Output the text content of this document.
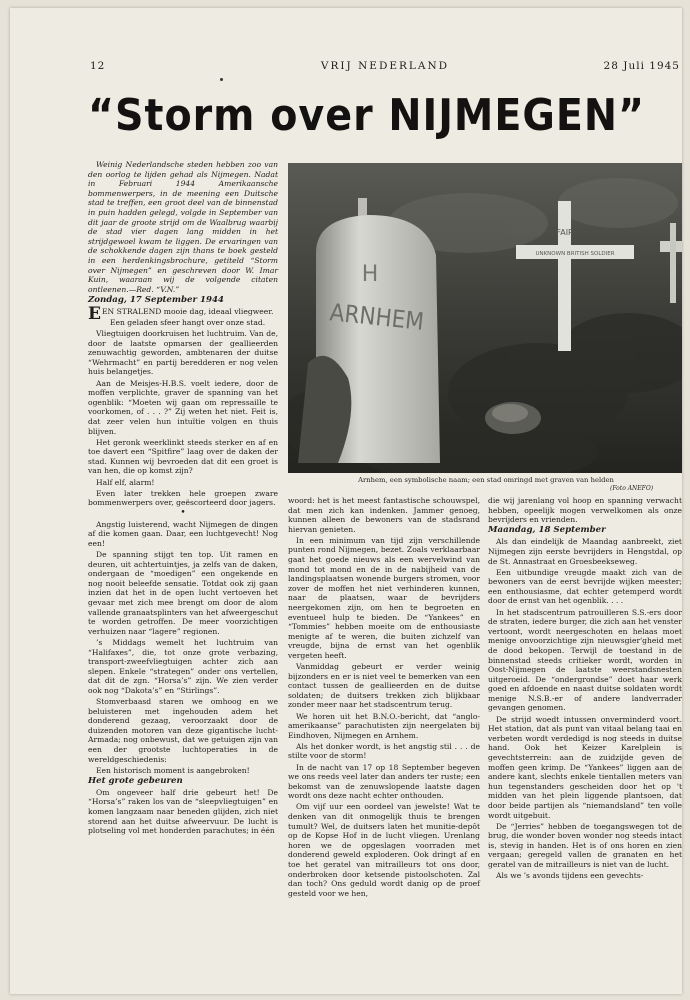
12	VRIJ NEDERLAND	28 Juli 1945
“Storm over NIJMEGEN”

Weinig Nederlandsche steden hebben zoo van den oorlog te lijden gehad als Nijmegen. Nadat in Februari 1944 Amerikaansche bommenwerpers, in de meening een Duitsche stad te treffen, een groot deel van de binnenstad in puin hadden gelegd, volgde in September van dit jaar de groote strijd om de Waalbrug waarbij de stad vier dagen lang midden in het strijdgewoel kwam te liggen. De ervaringen van de schokkende dagen zijn thans te boek gesteld in een herdenkingsbrochure, getiteld “Storm over Nijmegen” en geschreven door W. Imar Kuin, waaraan wij de volgende citaten ontleenen.—Red. “V.N.”

Zondag, 17 September 1944

EEN STRALEND mooie dag, ideaal vliegweer.

Een geladen sfeer hangt over onze stad.

Vliegtuigen doorkruisen het luchtruim. Van de, door de laatste opmarsen der geallieerden zenuwachtig geworden, ambtenaren der duitse “Wehrmacht” en partij beredderen er nog velen huis belangetjes.

Aan de Meisjes-H.B.S. voelt iedere, door de moffen verplichte, graver de spanning van het ogenblik: “Moeten wij gaan om repressaille te voorkomen, of . . . ?” Zij weten het niet. Feit is, dat zeer velen hun intuïtie volgen en thuis blijven.

Het geronk weerklinkt steeds sterker en af en toe davert een “Spitfire” laag over de daken der stad. Kunnen wij bevroeden dat dit een groet is van hen, die op komst zijn?

Half elf, alarm!

Even later trekken hele groepen zware bommenwerpers over, geëscorteerd door jagers.

•

Angstig luisterend, wacht Nijmegen de dingen af die komen gaan. Daar, een luchtgevecht! Nog een!

De spanning stijgt ten top. Uit ramen en deuren, uit achtertuintjes, ja zelfs van de daken, ondergaan de “moedigen” een ongekende en nog nooit beleefde sensatie. Totdat ook zij gaan inzien dat het in de open lucht vertoeven het gevaar met zich mee brengt om door de alom vallende granaatsplinters van het afweergeschut te worden getroffen. De meer voorzichtigen verhuizen naar “lagere” regionen.

’s Middags wemelt het luchtruim van “Halifaxes”, die, tot onze grote verbazing, transport-zweefvliegtuigen achter zich aan slepen. Enkele “strategen” onder ons vertellen, dat dit de zgn. “Horsa’s” zijn. We zien verder ook nog “Dakota’s” en “Stirlings”.

Stomverbaasd staren we omhoog en we beluisteren met ingehouden adem het donderend gezaag, veroorzaakt door de duizenden motoren van deze gigantische lucht-Armada; nog onbewust, dat we getuigen zijn van een der grootste luchtoperaties in de wereldgeschiedenis:

Een historisch moment is aangebroken!

Het grote gebeuren

Om ongeveer half drie gebeurt het! De “Horsa’s” raken los van de “sleepvliegtuigen” en komen langzaam naar beneden glijden, zich niet storend aan het duitse afweervuur. De lucht is plotseling vol met honderden parachutes; in één

H
ARNHEM
FAIR
UNKNOWN BRITISH SOLDIER
Arnhem, een symbolische naam; een stad omringd met graven van helden
(Foto ANEFO)

woord: het is het meest fantastische schouwspel, dat men zich kan indenken. Jammer genoeg, kunnen alleen de bewoners van de stadsrand hiervan genieten.

In een minimum van tijd zijn verschillende punten rond Nijmegen, bezet. Zoals verklaarbaar gaat het goede nieuws als een wervelwind van mond tot mond en de in de nabijheid van de landingsplaatsen wonende burgers stromen, voor zover de moffen het niet verhinderen kunnen, naar de plaatsen, waar de bevrijders neergekomen zijn, om hen te begroeten en eventueel hulp te bieden. De “Yankees” en “Tommies” hebben moeite om de enthousiaste menigte af te weren, die buiten zichzelf van vreugde, bijna de ernst van het ogenblik vergeten heeft.

Vanmiddag gebeurt er verder weinig bijzonders en er is niet veel te bemerken van een contact tussen de geallieerden en de duitse soldaten; de duitsers trekken zich blijkbaar zonder meer naar het stadscentrum terug.

We horen uit het B.N.O.-bericht, dat “anglo-amerikaanse” parachutisten zijn neergelaten bij Eindhoven, Nijmegen en Arnhem.

Als het donker wordt, is het angstig stil . . . de stilte voor de storm!

In de nacht van 17 op 18 September begeven we ons reeds veel later dan anders ter ruste; een bekomst van de zenuwslopende laatste dagen wordt ons deze nacht echter onthouden.

Om vijf uur een oordeel van jewelste! Wat te denken van dit onmogelijk thuis te brengen tumult? Wel, de duitsers laten het munitie-depôt op de Kopse Hof in de lucht vliegen. Urenlang horen we de opgeslagen voorraden met donderend geweld exploderen. Ook dringt af en toe het geratel van mitrailleurs tot ons door, onderbroken door ketsende pistoolschoten. Zal dan toch? Ons geduld wordt danig op de proef gesteld voor we hen,

die wij jarenlang vol hoop en spanning verwacht hebben, opeelijk mogen verwelkomen als onze bevrijders en vrienden.

Maandag, 18 September

Als dan eindelijk de Maandag aanbreekt, ziet Nijmegen zijn eerste bevrijders in Hengstdal, op de St. Annastraat en Groesbeekseweg.

Een uitbundige vreugde maakt zich van de bewoners van de eerst bevrijde wijken meester; een enthousiasme, dat echter getemperd wordt door de ernst van het ogenblik. . . .

In het stadscentrum patrouilleren S.S.-ers door de straten, iedere burger, die zich aan het venster vertoont, wordt neergeschoten en helaas moet menige onvoorzichtige zijn nieuwsgier'gheid met de dood bekopen. Terwijl de toestand in de binnenstad steeds critieker wordt, worden in Oost-Nijmegen de laatste weerstandsnesten uitgeroeid. De “ondergrondse” doet haar werk goed en afdoende en naast duitse soldaten wordt menige N.S.B.-er of andere landverrader gevangen genomen.

De strijd woedt intussen onverminderd voort. Het station, dat als punt van vitaal belang taai en verbeten wordt verdedigd is nog steeds in duitse hand. Ook het Keizer Karelplein is gevechtsterrein: aan de zuidzijde geven de moffen geen krimp. De “Yankees” liggen aan de andere kant, slechts enkele tientallen meters van hun tegenstanders gescheiden door het op 't midden van het plein liggende plantsoen, dat door beide partijen als “niemandsland” ten volle wordt uitgebuit.

De “Jerries” hebben de toegangswegen tot de brug, die wonder boven wonder nog steeds intact is, stevig in handen. Het is of ons horen en zien vergaan; geregeld vallen de granaten en het geratel van de mitrailleurs is niet van de lucht.

Als we ’s avonds tijdens een gevechts-
